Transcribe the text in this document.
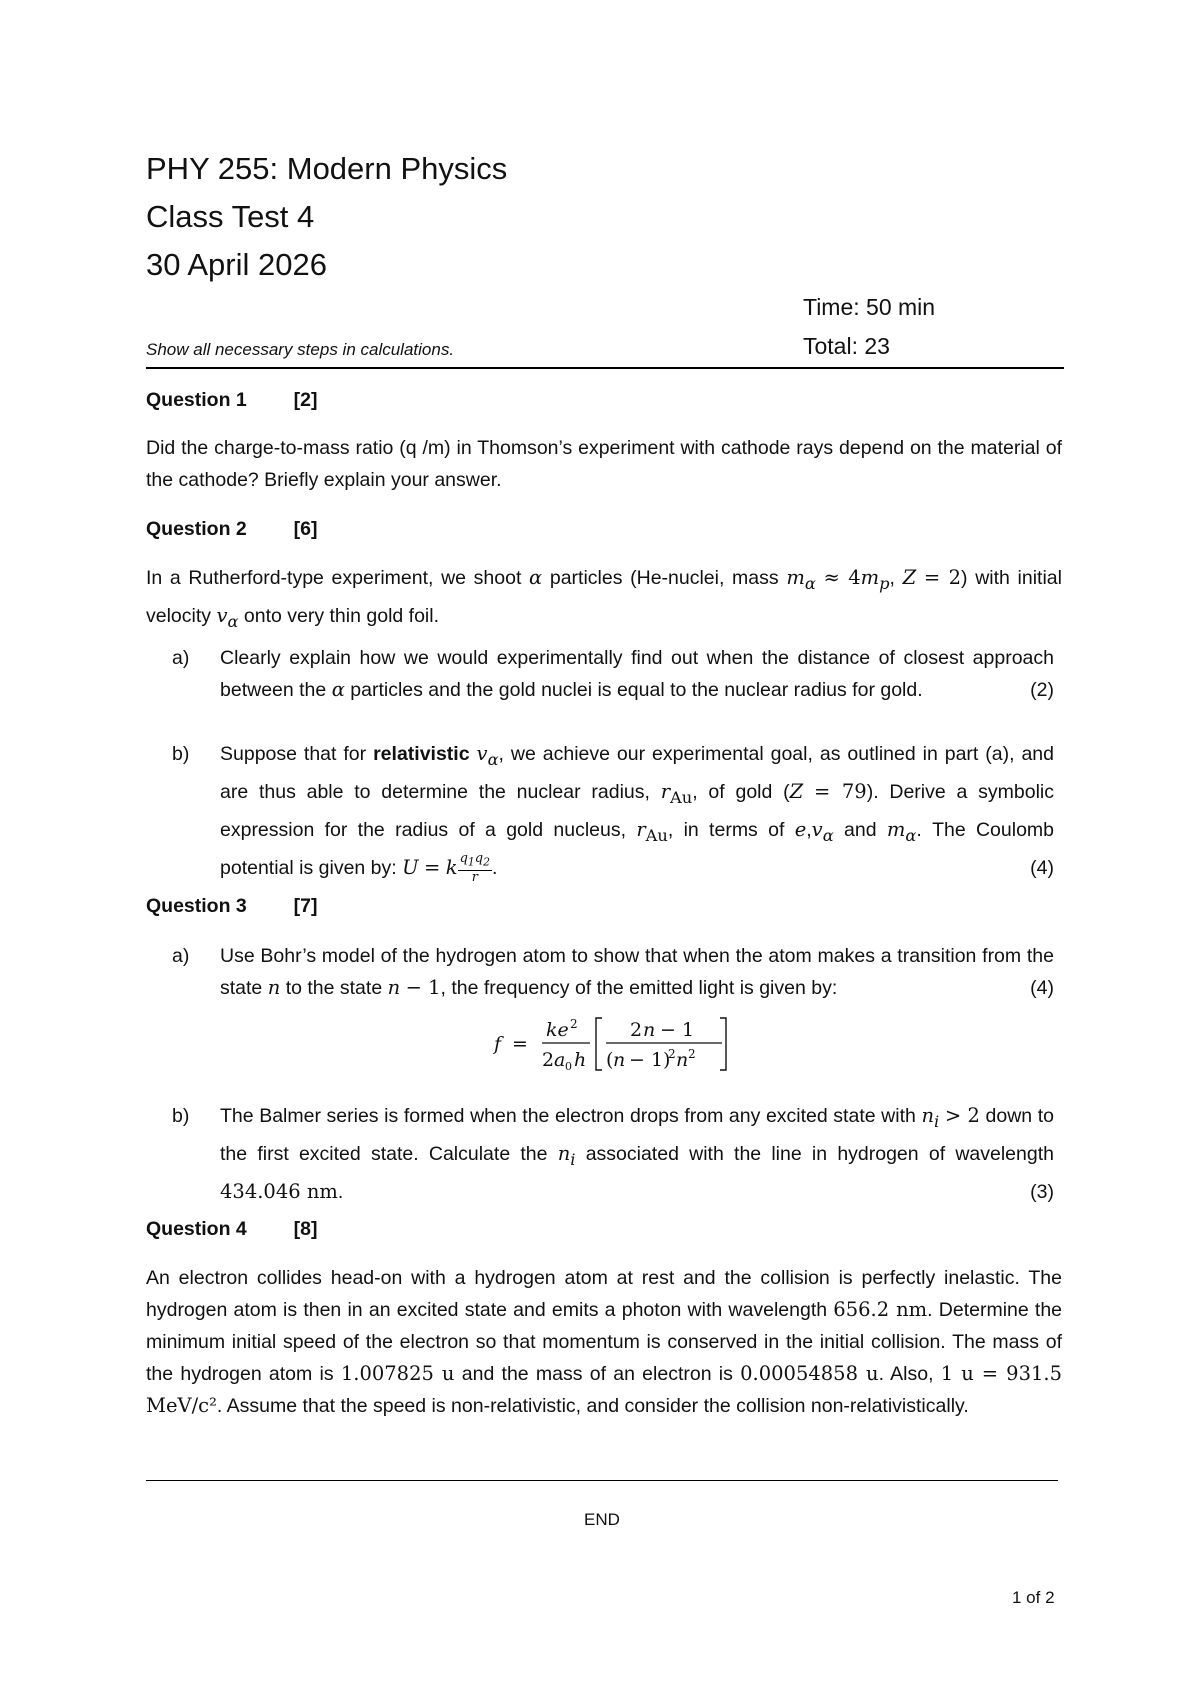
PHY 255: Modern Physics
Class Test 4
30 April 2026
Time: 50 min
Show all necessary steps in calculations.	Total: 23
Question 1 [2]
Did the charge-to-mass ratio (q /m) in Thomson’s experiment with cathode rays depend on the material of the cathode? Briefly explain your answer.
Question 2 [6]
In a Rutherford-type experiment, we shoot α particles (He-nuclei, mass $m_\alpha \approx 4m_p$, Z = 2) with initial velocity $v_\alpha$ onto very thin gold foil.
a) Clearly explain how we would experimentally find out when the distance of closest approach between the α particles and the gold nuclei is equal to the nuclear radius for gold.	(2)
b) Suppose that for relativistic $v_\alpha$, we achieve our experimental goal, as outlined in part (a), and are thus able to determine the nuclear radius, $r_{Au}$, of gold (Z = 79). Derive a symbolic expression for the radius of a gold nucleus, $r_{Au}$, in terms of $e,v_\alpha$ and $m_\alpha$. The Coulomb potential is given by: U = k $\frac{q_1q_2}{r}$ .	(4)
Question 3 [7]
a) Use Bohr’s model of the hydrogen atom to show that when the atom makes a transition from the state n to the state n − 1, the frequency of the emitted light is given by:	(4)
f =
ke 2
2 a 0 h
2 n − 1
( n − 1)
2 n 2
b) The Balmer series is formed when the electron drops from any excited state with $n_i > 2$ down to the first excited state. Calculate the $n_i$ associated with the line in hydrogen of wavelength 434.046 nm.	(3)
Question 4 [8]
An electron collides head-on with a hydrogen atom at rest and the collision is perfectly inelastic. The hydrogen atom is then in an excited state and emits a photon with wavelength 656.2 nm. Determine the minimum initial speed of the electron so that momentum is conserved in the initial collision. The mass of the hydrogen atom is 1.007825 u and the mass of an electron is 0.00054858 u. Also, 1 u = 931.5 MeV/c². Assume that the speed is non-relativistic, and consider the collision non-relativistically.
END
1 of 2
